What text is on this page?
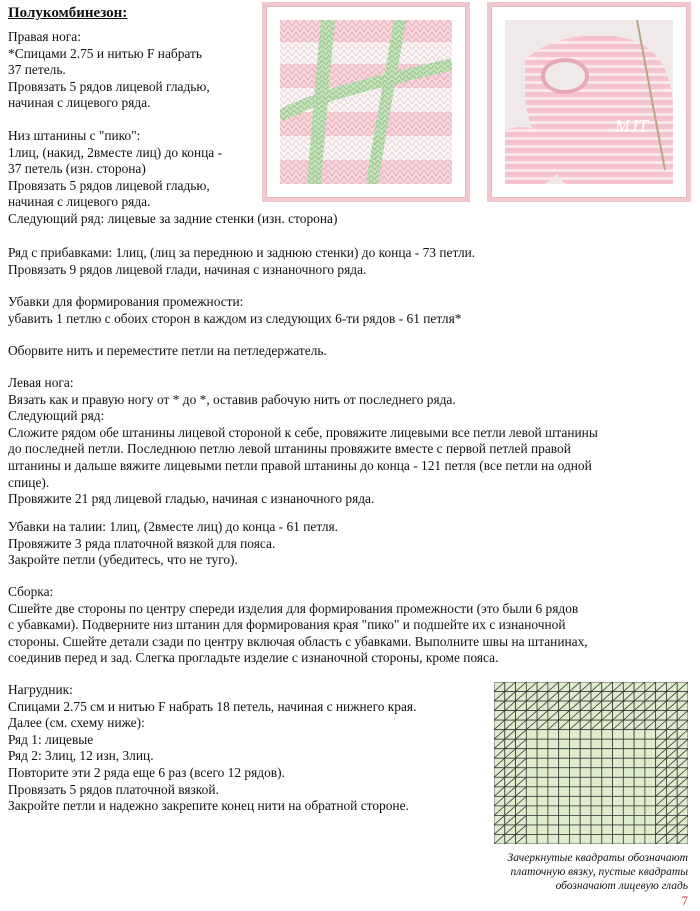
Полукомбинезон:
Правая нога:
*Спицами 2.75 и нитью F набрать
37 петель.
Провязать 5 рядов лицевой гладью,
начиная с лицевого ряда.
Низ штанины с "пико":
1лиц, (накид, 2вместе лиц) до конца -
37 петель (изн. сторона)
Провязать 5 рядов лицевой гладью,
начиная с лицевого ряда.
Следующий ряд: лицевые за задние стенки (изн. сторона)
Ряд с прибавками: 1лиц, (лиц за переднюю и заднюю стенки) до конца - 73 петли.
Провязать 9 рядов лицевой глади, начиная с изнаночного ряда.
Убавки для формирования промежности:
убавить 1 петлю с обоих сторон в каждом из следующих 6-ти рядов - 61 петля*
Оборвите нить и переместите петли на петледержатель.
Левая нога:
Вязать как и правую ногу от * до *, оставив рабочую нить от последнего ряда.
Следующий ряд:
Сложите рядом обе штанины лицевой стороной к себе, провяжите лицевыми все петли левой штанины
до последней петли. Последнюю петлю левой штанины провяжите вместе с первой петлей правой
штанины и дальше вяжите лицевыми петли правой штанины до конца - 121 петля (все петли на одной
спице).
Провяжите 21 ряд лицевой гладью, начиная с изнаночного ряда.
Убавки на талии: 1лиц, (2вместе лиц) до конца - 61 петля.
Провяжите 3 ряда платочной вязкой для пояса.
Закройте петли (убедитесь, что не туго).
Сборка:
Сшейте две стороны по центру спереди изделия для формирования промежности (это были 6 рядов
с убавками). Подверните низ штанин для формирования края "пико" и подшейте их с изнаночной
стороны. Сшейте детали сзади по центру включая область с убавками. Выполните швы на штанинах,
соединив перед и зад. Слегка прогладьте изделие с изнаночной стороны, кроме пояса.
Нагрудник:
Спицами 2.75 см и нитью F набрать 18 петель, начиная с нижнего края.
Далее (см. схему ниже):
Ряд 1: лицевые
Ряд 2: 3лиц, 12 изн, 3лиц.
Повторите эти 2 ряда еще 6 раз (всего 12 рядов).
Провязать 5 рядов платочной вязкой.
Закройте петли и надежно закрепите конец нити на обратной стороне.
MJT
Зачеркнутые квадраты обозначают
платочную вязку, пустые квадраты
обозначают лицевую гладь
7
